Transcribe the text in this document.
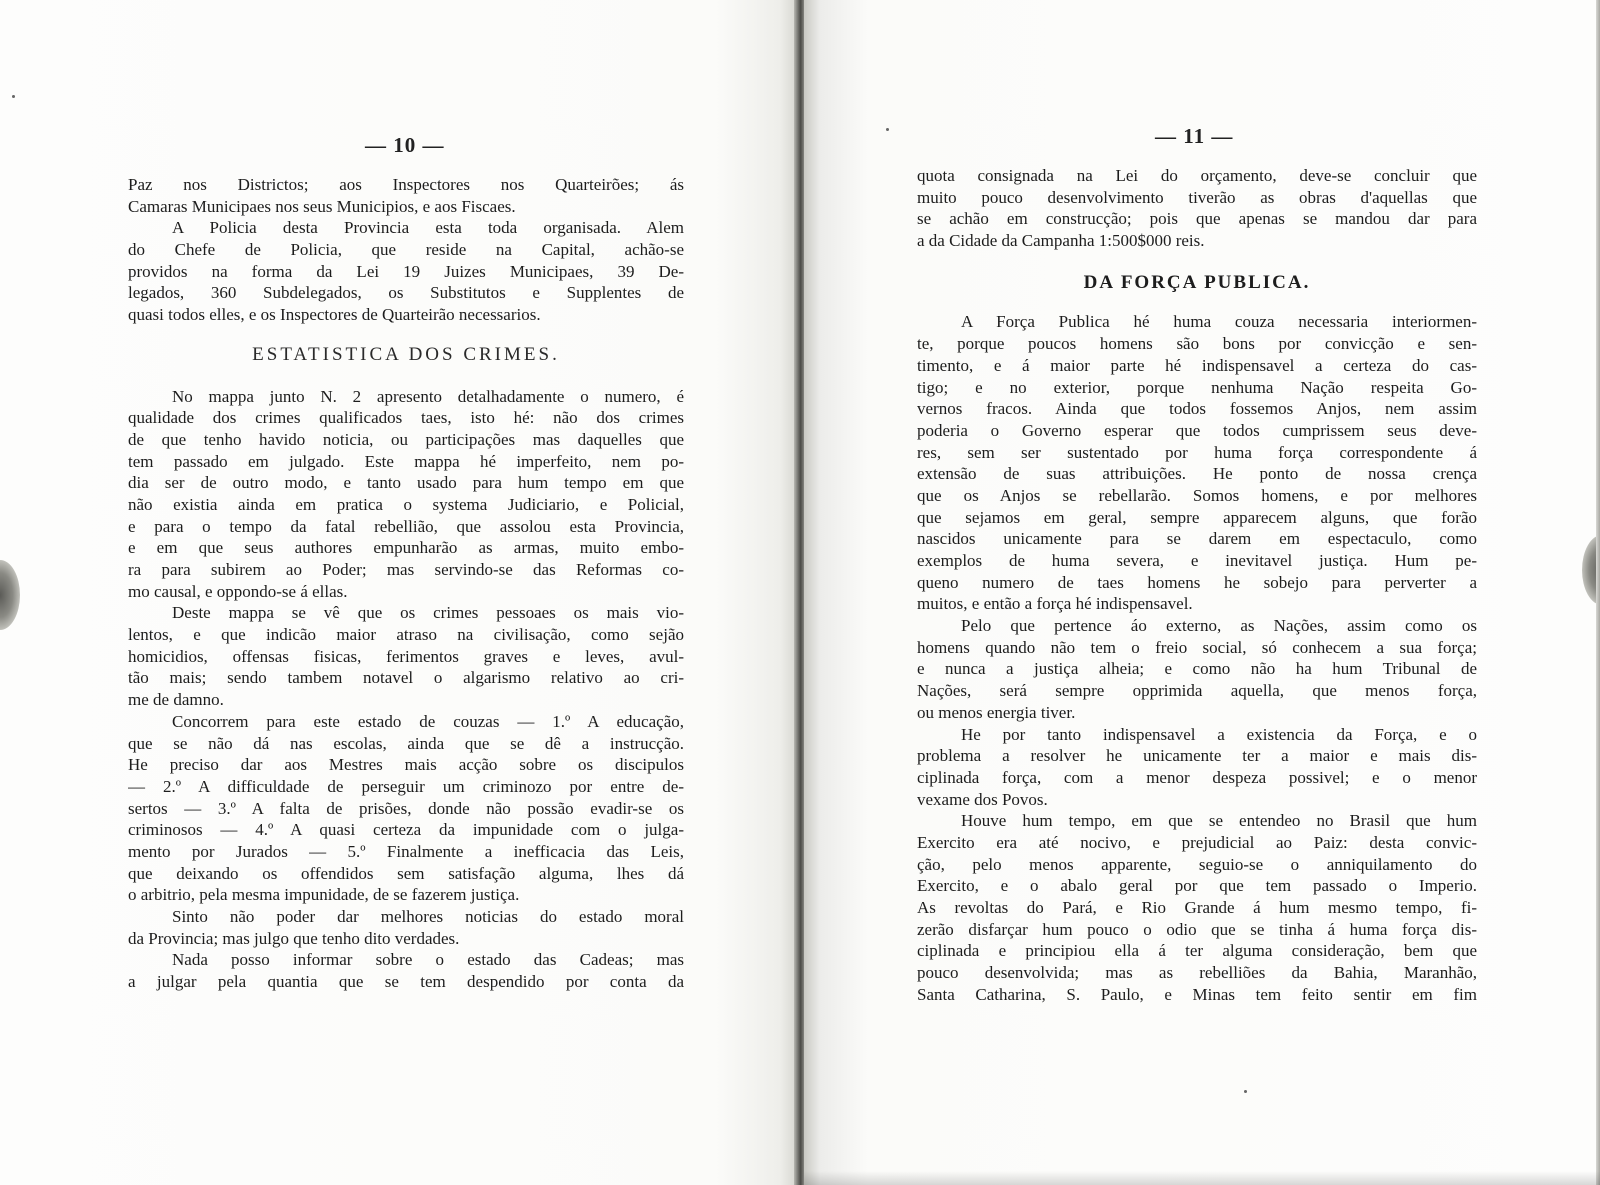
— 10 —
Paz nos Districtos; aos Inspectores nos Quarteirões; ás
Camaras Municipaes nos seus Municipios, e aos Fiscaes.
A Policia desta Provincia esta toda organisada. Alem
do Chefe de Policia, que reside na Capital, achão-se
providos na forma da Lei 19 Juizes Municipaes, 39 De-
legados, 360 Subdelegados, os Substitutos e Supplentes de
quasi todos elles, e os Inspectores de Quarteirão necessarios.
ESTATISTICA DOS CRIMES.
No mappa junto N. 2 apresento detalhadamente o numero, é
qualidade dos crimes qualificados taes, isto hé: não dos crimes
de que tenho havido noticia, ou participações mas daquelles que
tem passado em julgado. Este mappa hé imperfeito, nem po-
dia ser de outro modo, e tanto usado para hum tempo em que
não existia ainda em pratica o systema Judiciario, e Policial,
e para o tempo da fatal rebellião, que assolou esta Provincia,
e em que seus authores empunharão as armas, muito embo-
ra para subirem ao Poder; mas servindo-se das Reformas co-
mo causal, e oppondo-se á ellas.
Deste mappa se vê que os crimes pessoaes os mais vio-
lentos, e que indicão maior atraso na civilisação, como sejão
homicidios, offensas fisicas, ferimentos graves e leves, avul-
tão mais; sendo tambem notavel o algarismo relativo ao cri-
me de damno.
Concorrem para este estado de couzas — 1.º A educação,
que se não dá nas escolas, ainda que se dê a instrucção.
He preciso dar aos Mestres mais acção sobre os discipulos
— 2.º A difficuldade de perseguir um criminozo por entre de-
sertos — 3.º A falta de prisões, donde não possão evadir-se os
criminosos — 4.º A quasi certeza da impunidade com o julga-
mento por Jurados — 5.º Finalmente a inefficacia das Leis,
que deixando os offendidos sem satisfação alguma, lhes dá
o arbitrio, pela mesma impunidade, de se fazerem justiça.
Sinto não poder dar melhores noticias do estado moral
da Provincia; mas julgo que tenho dito verdades.
Nada posso informar sobre o estado das Cadeas; mas
a julgar pela quantia que se tem despendido por conta da
— 11 —
quota consignada na Lei do orçamento, deve-se concluir que
muito pouco desenvolvimento tiverão as obras d'aquellas que
se achão em construcção; pois que apenas se mandou dar para
a da Cidade da Campanha 1:500$000 reis.
DA FORÇA PUBLICA.
A Força Publica hé huma couza necessaria interiormen-
te, porque poucos homens são bons por convicção e sen-
timento, e á maior parte hé indispensavel a certeza do cas-
tigo; e no exterior, porque nenhuma Nação respeita Go-
vernos fracos. Ainda que todos fossemos Anjos, nem assim
poderia o Governo esperar que todos cumprissem seus deve-
res, sem ser sustentado por huma força correspondente á
extensão de suas attribuições. He ponto de nossa crença
que os Anjos se rebellarão. Somos homens, e por melhores
que sejamos em geral, sempre apparecem alguns, que forão
nascidos unicamente para se darem em espectaculo, como
exemplos de huma severa, e inevitavel justiça. Hum pe-
queno numero de taes homens he sobejo para perverter a
muitos, e então a força hé indispensavel.
Pelo que pertence áo externo, as Nações, assim como os
homens quando não tem o freio social, só conhecem a sua força;
e nunca a justiça alheia; e como não ha hum Tribunal de
Nações, será sempre opprimida aquella, que menos força,
ou menos energia tiver.
He por tanto indispensavel a existencia da Força, e o
problema a resolver he unicamente ter a maior e mais dis-
ciplinada força, com a menor despeza possivel; e o menor
vexame dos Povos.
Houve hum tempo, em que se entendeo no Brasil que hum
Exercito era até nocivo, e prejudicial ao Paiz: desta convic-
ção, pelo menos apparente, seguio-se o anniquilamento do
Exercito, e o abalo geral por que tem passado o Imperio.
As revoltas do Pará, e Rio Grande á hum mesmo tempo, fi-
zerão disfarçar hum pouco o odio que se tinha á huma força dis-
ciplinada e principiou ella á ter alguma consideração, bem que
pouco desenvolvida; mas as rebelliões da Bahia, Maranhão,
Santa Catharina, S. Paulo, e Minas tem feito sentir em fim
